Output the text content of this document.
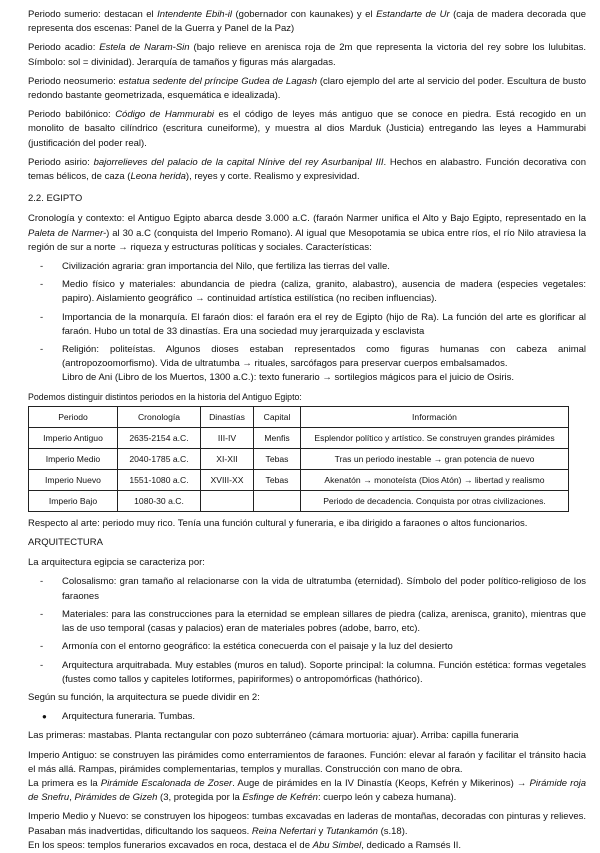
Periodo sumerio: destacan el Intendente Ebih-il (gobernador con kaunakes) y el Estandarte de Ur (caja de madera decorada que representa dos escenas: Panel de la Guerra y Panel de la Paz)

Periodo acadio: Estela de Naram-Sin (bajo relieve en arenisca roja de 2m que representa la victoria del rey sobre los lulubitas. Símbolo: sol = divinidad). Jerarquía de tamaños y figuras más alargadas.

Periodo neosumerio: estatua sedente del príncipe Gudea de Lagash (claro ejemplo del arte al servicio del poder. Escultura de busto redondo bastante geometrizada, esquemática e idealizada).

Periodo babilónico: Código de Hammurabi es el código de leyes más antiguo que se conoce en piedra. Está recogido en un monolito de basalto cilíndrico (escritura cuneiforme), y muestra al dios Marduk (Justicia) entregando las leyes a Hammurabi (justificación del poder real).

Periodo asirio: bajorrelieves del palacio de la capital Nínive del rey Asurbanipal III. Hechos en alabastro. Función decorativa con temas bélicos, de caza (Leona herida), reyes y corte. Realismo y expresividad.

2.2. EGIPTO

Cronología y contexto: el Antiguo Egipto abarca desde 3.000 a.C. (faraón Narmer unifica el Alto y Bajo Egipto, representado en la Paleta de Narmer-) al 30 a.C (conquista del Imperio Romano). Al igual que Mesopotamia se ubica entre ríos, el río Nilo atraviesa la región de sur a norte → riqueza y estructuras políticas y sociales. Características:

- Civilización agraria: gran importancia del Nilo, que fertiliza las tierras del valle.
- Medio físico y materiales: abundancia de piedra (caliza, granito, alabastro), ausencia de madera (especies vegetales: papiro). Aislamiento geográfico → continuidad artística estilística (no reciben influencias).
- Importancia de la monarquía. El faraón dios: el faraón era el rey de Egipto (hijo de Ra). La función del arte es glorificar al faraón. Hubo un total de 33 dinastías. Era una sociedad muy jerarquizada y esclavista
- Religión: politeístas. Algunos dioses estaban representados como figuras humanas con cabeza animal (antropozoomorfismo). Vida de ultratumba → rituales, sarcófagos para preservar cuerpos embalsamados.
Libro de Ani (Libro de los Muertos, 1300 a.C.): texto funerario → sortilegios mágicos para el juicio de Osiris.

Podemos distinguir distintos periodos en la historia del Antiguo Egipto:

Periodo	Cronología	Dinastías	Capital	Información
Imperio Antiguo	2635-2154 a.C.	III-IV	Menfis	Esplendor político y artístico. Se construyen grandes pirámides
Imperio Medio	2040-1785 a.C.	XI-XII	Tebas	Tras un periodo inestable → gran potencia de nuevo
Imperio Nuevo	1551-1080 a.C.	XVIII-XX	Tebas	Akenatón → monoteísta (Dios Atón) → libertad y realismo
Imperio Bajo	1080-30 a.C.			Periodo de decadencia. Conquista por otras civilizaciones.

Respecto al arte: periodo muy rico. Tenía una función cultural y funeraria, e iba dirigido a faraones o altos funcionarios.

ARQUITECTURA

La arquitectura egipcia se caracteriza por:

- Colosalismo: gran tamaño al relacionarse con la vida de ultratumba (eternidad). Símbolo del poder político-religioso de los faraones
- Materiales: para las construcciones para la eternidad se emplean sillares de piedra (caliza, arenisca, granito), mientras que las de uso temporal (casas y palacios) eran de materiales pobres (adobe, barro, etc).
- Armonía con el entorno geográfico: la estética conecuerda con el paisaje y la luz del desierto
- Arquitectura arquitrabada. Muy estables (muros en talud). Soporte principal: la columna. Función estética: formas vegetales (fustes como tallos y capiteles lotiformes, papiriformes) o antropomórficas (hathórico).

Según su función, la arquitectura se puede dividir en 2:

● Arquitectura funeraria. Tumbas.

Las primeras: mastabas. Planta rectangular con pozo subterráneo (cámara mortuoria: ajuar). Arriba: capilla funeraria

Imperio Antiguo: se construyen las pirámides como enterramientos de faraones. Función: elevar al faraón y facilitar el tránsito hacia el más allá. Rampas, pirámides complementarias, templos y murallas. Construcción con mano de obra.

La primera es la Pirámide Escalonada de Zoser. Auge de pirámides en la IV Dinastía (Keops, Kefrén y Mikerinos) → Pirámide roja de Snefru, Pirámides de Gizeh (3, protegida por la Esfinge de Kefrén: cuerpo león y cabeza humana).

Imperio Medio y Nuevo: se construyen los hipogeos: tumbas excavadas en laderas de montañas, decoradas con pinturas y relieves. Pasaban más inadvertidas, dificultando los saqueos. Reina Nefertari y Tutankamón (s.18).

En los speos: templos funerarios excavados en roca, destaca el de Abu Simbel, dedicado a Ramsés II.
